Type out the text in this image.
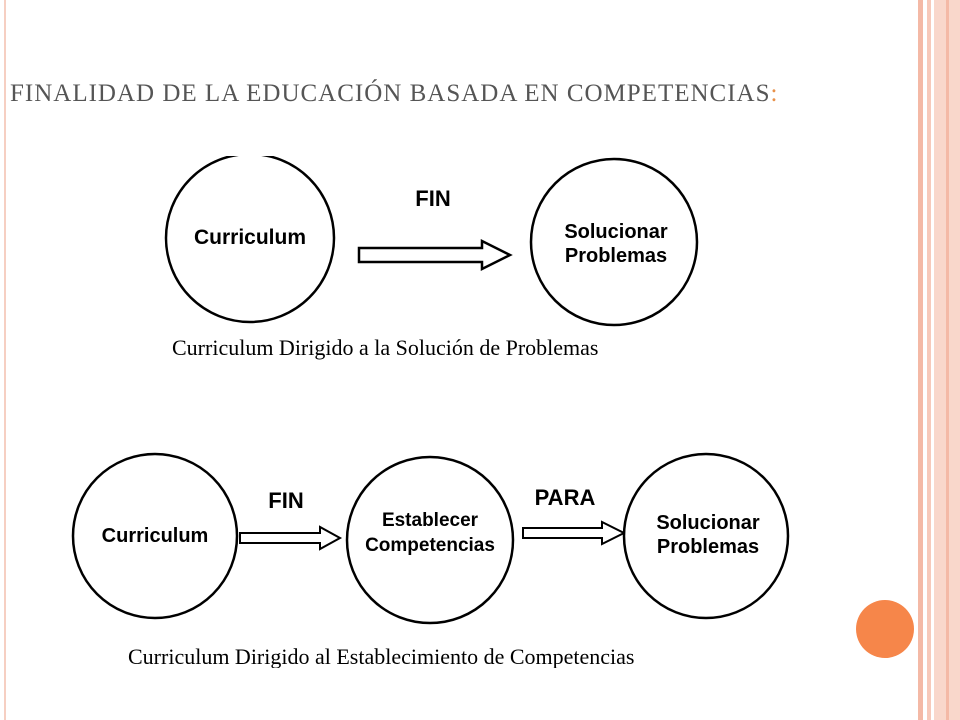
FINALIDAD DE LA EDUCACIÓN BASADA EN COMPETENCIAS:
Curriculum
FIN
Solucionar
Problemas
Curriculum Dirigido a la Solución de Problemas
Curriculum
FIN
Establecer
Competencias
PARA
Solucionar
Problemas
Curriculum Dirigido al Establecimiento de Competencias
